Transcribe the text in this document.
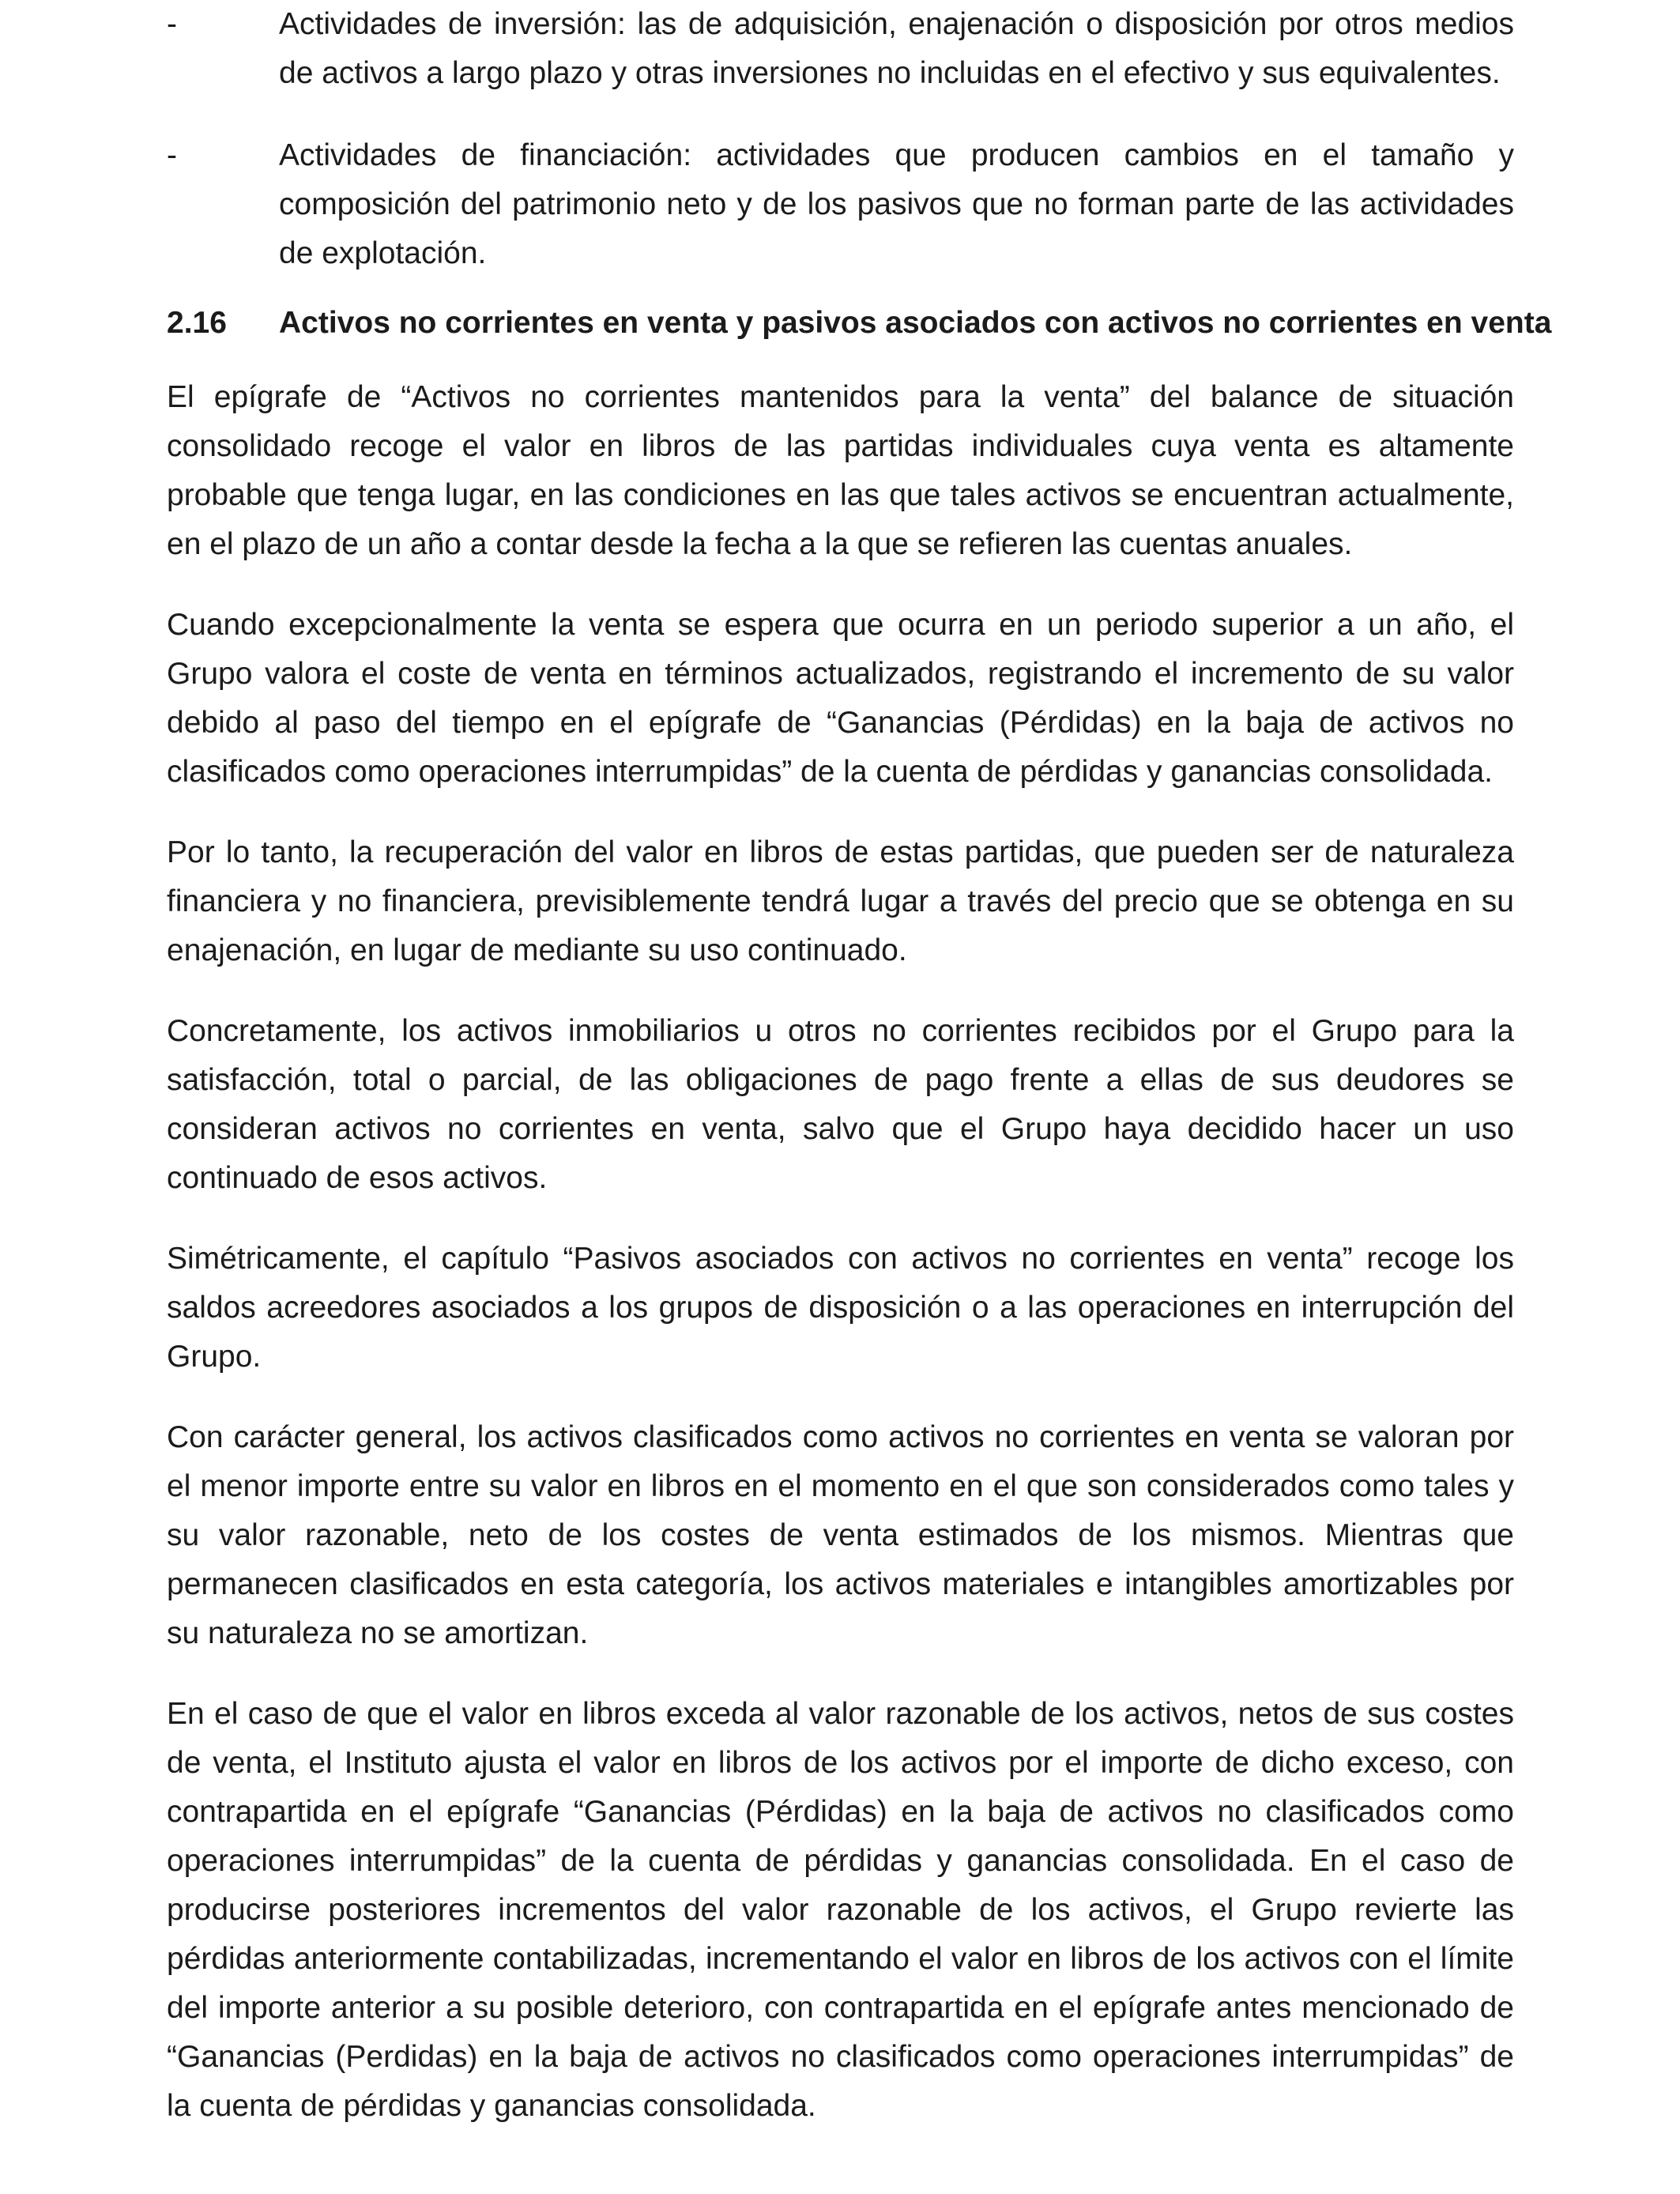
-	Actividades de inversión: las de adquisición, enajenación o disposición por otros medios de activos a largo plazo y otras inversiones no incluidas en el efectivo y sus equivalentes.
-	Actividades de financiación: actividades que producen cambios en el tamaño y composición del patrimonio neto y de los pasivos que no forman parte de las actividades de explotación.
2.16 Activos no corrientes en venta y pasivos asociados con activos no corrientes en venta

El epígrafe de “Activos no corrientes mantenidos para la venta” del balance de situación consolidado recoge el valor en libros de las partidas individuales cuya venta es altamente probable que tenga lugar, en las condiciones en las que tales activos se encuentran actualmente, en el plazo de un año a contar desde la fecha a la que se refieren las cuentas anuales.

Cuando excepcionalmente la venta se espera que ocurra en un periodo superior a un año, el Grupo valora el coste de venta en términos actualizados, registrando el incremento de su valor debido al paso del tiempo en el epígrafe de “Ganancias (Pérdidas) en la baja de activos no clasificados como operaciones interrumpidas” de la cuenta de pérdidas y ganancias consolidada.

Por lo tanto, la recuperación del valor en libros de estas partidas, que pueden ser de naturaleza financiera y no financiera, previsiblemente tendrá lugar a través del precio que se obtenga en su enajenación, en lugar de mediante su uso continuado.

Concretamente, los activos inmobiliarios u otros no corrientes recibidos por el Grupo para la satisfacción, total o parcial, de las obligaciones de pago frente a ellas de sus deudores se consideran activos no corrientes en venta, salvo que el Grupo haya decidido hacer un uso continuado de esos activos.

Simétricamente, el capítulo “Pasivos asociados con activos no corrientes en venta” recoge los saldos acreedores asociados a los grupos de disposición o a las operaciones en interrupción del Grupo.

Con carácter general, los activos clasificados como activos no corrientes en venta se valoran por el menor importe entre su valor en libros en el momento en el que son considerados como tales y su valor razonable, neto de los costes de venta estimados de los mismos. Mientras que permanecen clasificados en esta categoría, los activos materiales e intangibles amortizables por su naturaleza no se amortizan.

En el caso de que el valor en libros exceda al valor razonable de los activos, netos de sus costes de venta, el Instituto ajusta el valor en libros de los activos por el importe de dicho exceso, con contrapartida en el epígrafe “Ganancias (Pérdidas) en la baja de activos no clasificados como operaciones interrumpidas” de la cuenta de pérdidas y ganancias consolidada. En el caso de producirse posteriores incrementos del valor razonable de los activos, el Grupo revierte las pérdidas anteriormente contabilizadas, incrementando el valor en libros de los activos con el límite del importe anterior a su posible deterioro, con contrapartida en el epígrafe antes mencionado de “Ganancias (Perdidas) en la baja de activos no clasificados como operaciones interrumpidas” de la cuenta de pérdidas y ganancias consolidada.
